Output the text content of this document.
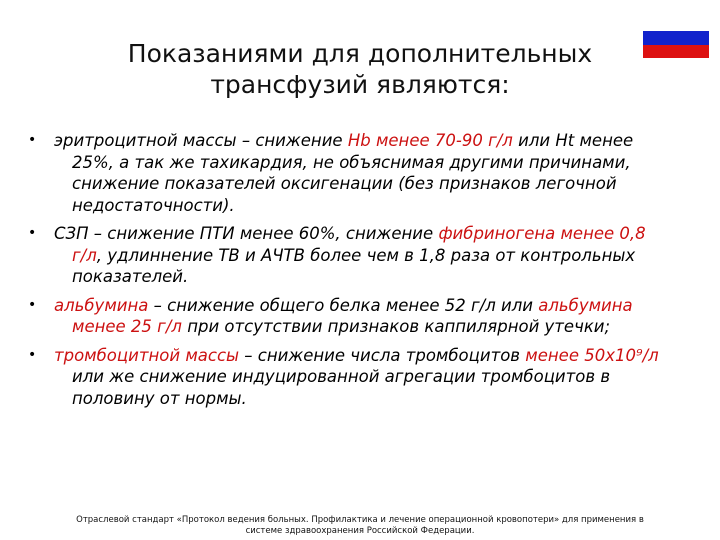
Показаниями для дополнительных
трансфузий являются:
• эритроцитной массы – снижение Hb менее 70-90 г/л или Ht менее
25%, а так же тахикардия, не объяснимая другими причинами,
снижение показателей оксигенации (без признаков легочной
недостаточности).
• СЗП – снижение ПТИ менее 60%, снижение фибриногена менее 0,8
г/л, удлиннение ТВ и АЧТВ более чем в 1,8 раза от контрольных
показателей.
• альбумина – снижение общего белка менее 52 г/л или альбумина
менее 25 г/л при отсутствии признаков каппилярной утечки;
• тромбоцитной массы – снижение числа тромбоцитов менее 50х10⁹/л
или же снижение индуцированной агрегации тромбоцитов в
половину от нормы.
Отраслевой стандарт «Протокол ведения больных. Профилактика и лечение операционной кровопотери» для применения в
системе здравоохранения Российской Федерации.
